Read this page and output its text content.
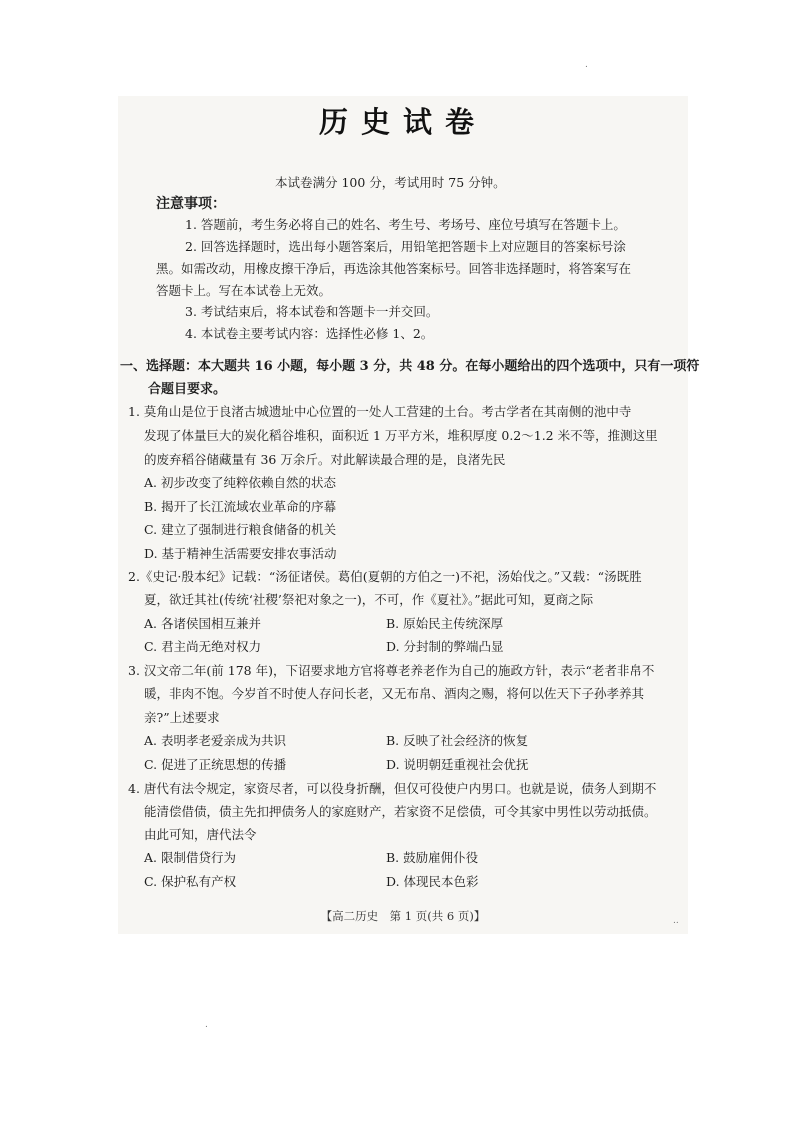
历史试卷
本试卷满分 100 分，考试用时 75 分钟。
注意事项：
1. 答题前，考生务必将自己的姓名、考生号、考场号、座位号填写在答题卡上。
2. 回答选择题时，选出每小题答案后，用铅笔把答题卡上对应题目的答案标号涂
黑。如需改动，用橡皮擦干净后，再选涂其他答案标号。回答非选择题时，将答案写在
答题卡上。写在本试卷上无效。
3. 考试结束后，将本试卷和答题卡一并交回。
4. 本试卷主要考试内容：选择性必修 1、2。
一、选择题：本大题共 16 小题，每小题 3 分，共 48 分。在每小题给出的四个选项中，只有一项符
合题目要求。
1. 莫角山是位于良渚古城遗址中心位置的一处人工营建的土台。考古学者在其南侧的池中寺
发现了体量巨大的炭化稻谷堆积，面积近 1 万平方米，堆积厚度 0.2～1.2 米不等，推测这里
的废弃稻谷储藏量有 36 万余斤。对此解读最合理的是，良渚先民
A. 初步改变了纯粹依赖自然的状态
B. 揭开了长江流域农业革命的序幕
C. 建立了强制进行粮食储备的机关
D. 基于精神生活需要安排农事活动
2.《史记·殷本纪》记载：“汤征诸侯。葛伯(夏朝的方伯之一)不祀，汤始伐之。”又载：“汤既胜
夏，欲迁其社(传统‘社稷’祭祀对象之一)，不可，作《夏社》。”据此可知，夏商之际
A. 各诸侯国相互兼并	B. 原始民主传统深厚
C. 君主尚无绝对权力	D. 分封制的弊端凸显
3. 汉文帝二年(前 178 年)，下诏要求地方官将尊老养老作为自己的施政方针，表示“老者非帛不
暖，非肉不饱。今岁首不时使人存问长老，又无布帛、酒肉之赐，将何以佐天下子孙孝养其
亲?”上述要求
A. 表明孝老爱亲成为共识	B. 反映了社会经济的恢复
C. 促进了正统思想的传播	D. 说明朝廷重视社会优抚
4. 唐代有法令规定，家资尽者，可以役身折酬，但仅可役使户内男口。也就是说，债务人到期不
能清偿借债，债主先扣押债务人的家庭财产，若家资不足偿债，可令其家中男性以劳动抵债。
由此可知，唐代法令
A. 限制借贷行为	B. 鼓励雇佣仆役
C. 保护私有产权	D. 体现民本色彩
【高二历史　第 1 页(共 6 页)】	..
.
.
